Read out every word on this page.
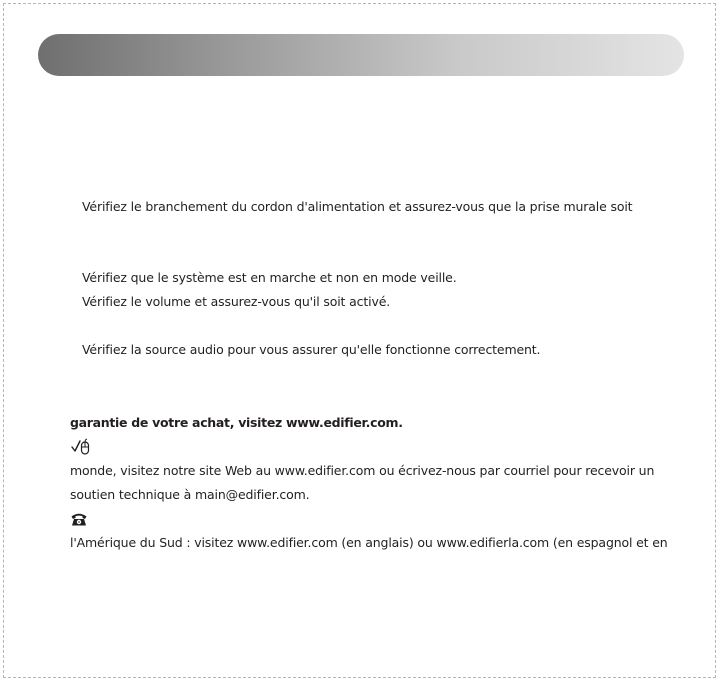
Vérifiez le branchement du cordon d'alimentation et assurez-vous que la prise murale soit
Vérifiez que le système est en marche et non en mode veille.
Vérifiez le volume et assurez-vous qu'il soit activé.
Vérifiez la source audio pour vous assurer qu'elle fonctionne correctement.
garantie de votre achat, visitez www.edifier.com.
monde, visitez notre site Web au www.edifier.com ou écrivez-nous par courriel pour recevoir un
soutien technique à main@edifier.com.
l'Amérique du Sud : visitez www.edifier.com (en anglais) ou www.edifierla.com (en espagnol et en
